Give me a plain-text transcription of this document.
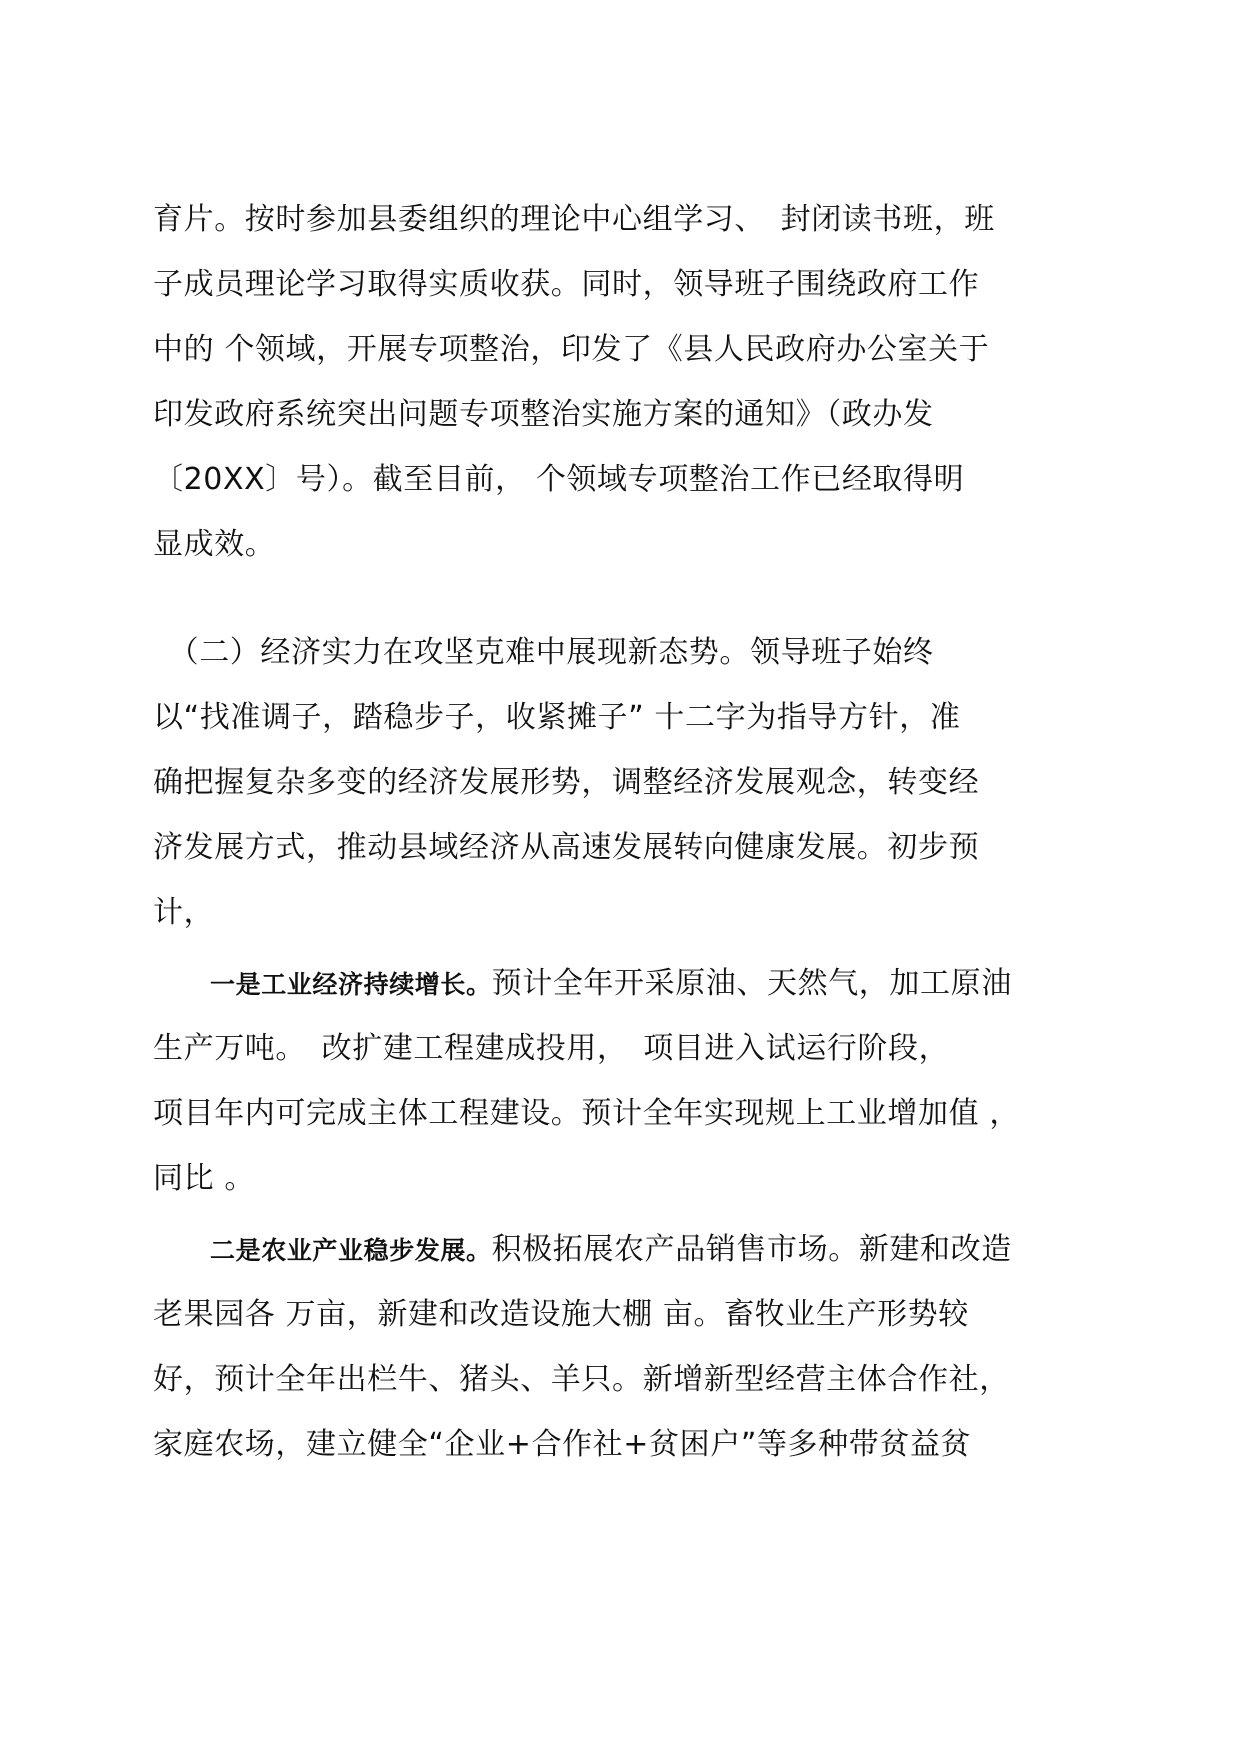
育片。按时参加县委组织的理论中心组学习、　封闭读书班，班
子成员理论学习取得实质收获。同时，领导班子围绕政府工作
中的 个领域，开展专项整治，印发了《县人民政府办公室关于
印发政府系统突出问题专项整治实施方案的通知》（政办发
〔20XX〕号）。截至目前， 个领域专项整治工作已经取得明
显成效。
　（二）经济实力在攻坚克难中展现新态势。领导班子始终
以“找准调子，踏稳步子，收紧摊子” 十二字为指导方针，准
确把握复杂多变的经济发展形势，调整经济发展观念，转变经
济发展方式，推动县域经济从高速发展转向健康发展。初步预
计，
一是工业经济持续增长。预计全年开采原油、天然气，加工原油
生产万吨。　改扩建工程建成投用，　项目进入试运行阶段，
项目年内可完成主体工程建设。预计全年实现规上工业增加值 ，
同比 。
二是农业产业稳步发展。积极拓展农产品销售市场。新建和改造
老果园各 万亩，新建和改造设施大棚 亩。畜牧业生产形势较
好，预计全年出栏牛、猪头、羊只。新增新型经营主体合作社，
家庭农场，建立健全“企业+合作社+贫困户”等多种带贫益贫
